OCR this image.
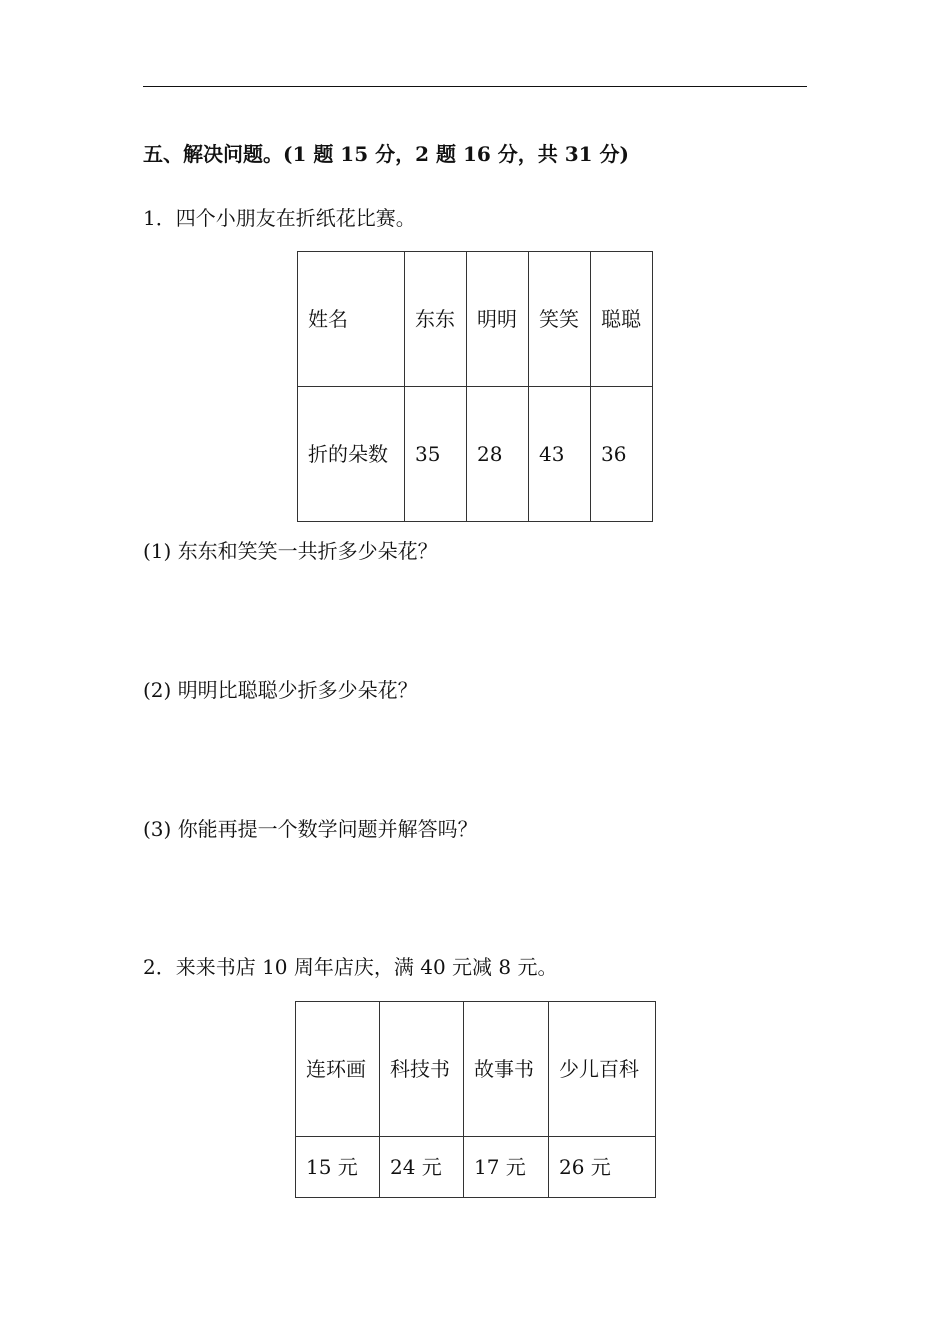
五、解决问题。(1 题 15 分，2 题 16 分，共 31 分)
1．四个小朋友在折纸花比赛。
姓名	东东	明明	笑笑	聪聪
折的朵数	35	28	43	36
(1) 东东和笑笑一共折多少朵花？
(2) 明明比聪聪少折多少朵花？
(3) 你能再提一个数学问题并解答吗？
2．来来书店 10 周年店庆，满 40 元减 8 元。
连环画	科技书	故事书	少儿百科
15 元	24 元	17 元	26 元
